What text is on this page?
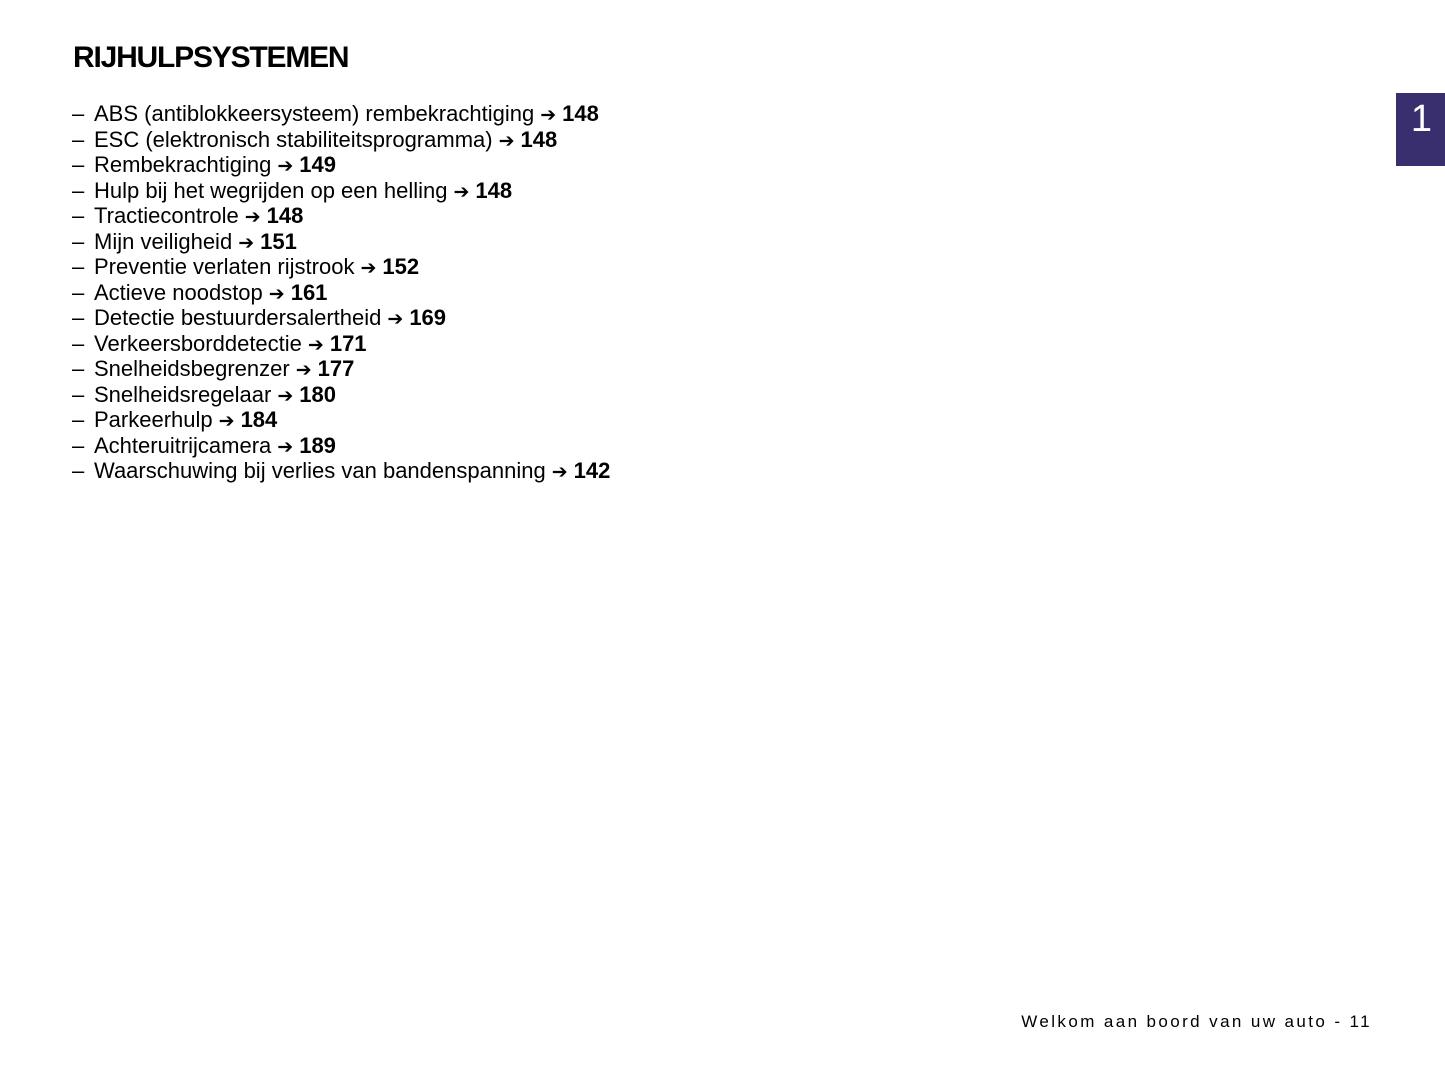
RIJHULPSYSTEMEN
– ABS (antiblokkeersysteem) rembekrachtiging ➔ 148
– ESC (elektronisch stabiliteitsprogramma) ➔ 148
– Rembekrachtiging ➔ 149
– Hulp bij het wegrijden op een helling ➔ 148
– Tractiecontrole ➔ 148
– Mijn veiligheid ➔ 151
– Preventie verlaten rijstrook ➔ 152
– Actieve noodstop ➔ 161
– Detectie bestuurdersalertheid ➔ 169
– Verkeersborddetectie ➔ 171
– Snelheidsbegrenzer ➔ 177
– Snelheidsregelaar ➔ 180
– Parkeerhulp ➔ 184
– Achteruitrijcamera ➔ 189
– Waarschuwing bij verlies van bandenspanning ➔ 142
1
Welkom aan boord van uw auto - 11
